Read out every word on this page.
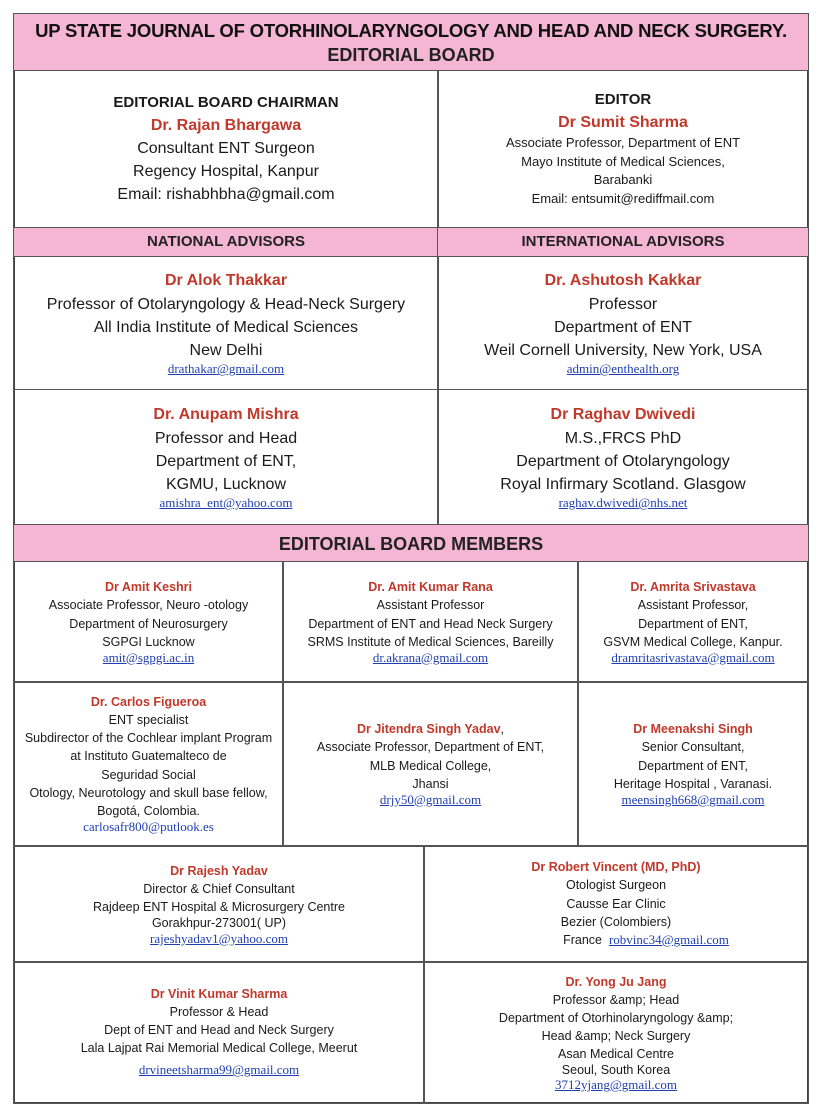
UP STATE JOURNAL OF OTORHINOLARYNGOLOGY AND HEAD AND NECK SURGERY.
EDITORIAL BOARD
EDITORIAL BOARD CHAIRMAN
Dr. Rajan Bhargawa
Consultant ENT Surgeon
Regency Hospital, Kanpur
Email: rishabhbha@gmail.com
EDITOR
Dr Sumit Sharma
Associate Professor, Department of ENT
Mayo Institute of Medical Sciences,
Barabanki
Email: entsumit@rediffmail.com
NATIONAL ADVISORS	INTERNATIONAL ADVISORS
Dr Alok Thakkar
Professor of Otolaryngology & Head-Neck Surgery
All India Institute of Medical Sciences
New Delhi
drathakar@gmail.com
Dr. Ashutosh Kakkar
Professor
Department of ENT
Weil Cornell University, New York, USA
admin@enthealth.org
Dr. Anupam Mishra
Professor and Head
Department of ENT,
KGMU, Lucknow
amishra_ent@yahoo.com
Dr Raghav Dwivedi
M.S.,FRCS PhD
Department of Otolaryngology
Royal Infirmary Scotland. Glasgow
raghav.dwivedi@nhs.net
EDITORIAL BOARD MEMBERS
Dr Amit Keshri
Associate Professor, Neuro -otology
Department of Neurosurgery
SGPGI Lucknow
amit@sgpgi.ac.in
Dr. Amit Kumar Rana
Assistant Professor
Department of ENT and Head Neck Surgery
SRMS Institute of Medical Sciences, Bareilly
dr.akrana@gmail.com
Dr. Amrita Srivastava
Assistant Professor,
Department of ENT,
GSVM Medical College, Kanpur.
dramritasrivastava@gmail.com
Dr. Carlos Figueroa
ENT specialist
Subdirector of the Cochlear implant Program
at Instituto Guatemalteco de
Seguridad Social
Otology, Neurotology and skull base fellow,
Bogotá, Colombia.
carlosafr800@putlook.es
Dr Jitendra Singh Yadav,
Associate Professor, Department of ENT,
MLB Medical College,
Jhansi
drjy50@gmail.com
Dr Meenakshi Singh
Senior Consultant,
Department of ENT,
Heritage Hospital , Varanasi.
meensingh668@gmail.com
Dr Rajesh Yadav
Director & Chief Consultant
Rajdeep ENT Hospital & Microsurgery Centre
Gorakhpur-273001( UP)
rajeshyadav1@yahoo.com
Dr Robert Vincent (MD, PhD)
Otologist Surgeon
Causse Ear Clinic
Bezier (Colombiers)
France robvinc34@gmail.com
Dr Vinit Kumar Sharma
Professor & Head
Dept of ENT and Head and Neck Surgery
Lala Lajpat Rai Memorial Medical College, Meerut
drvineetsharma99@gmail.com
Dr. Yong Ju Jang
Professor &amp; Head
Department of Otorhinolaryngology &amp;
Head &amp; Neck Surgery
Asan Medical Centre
Seoul, South Korea
3712yjang@gmail.com
